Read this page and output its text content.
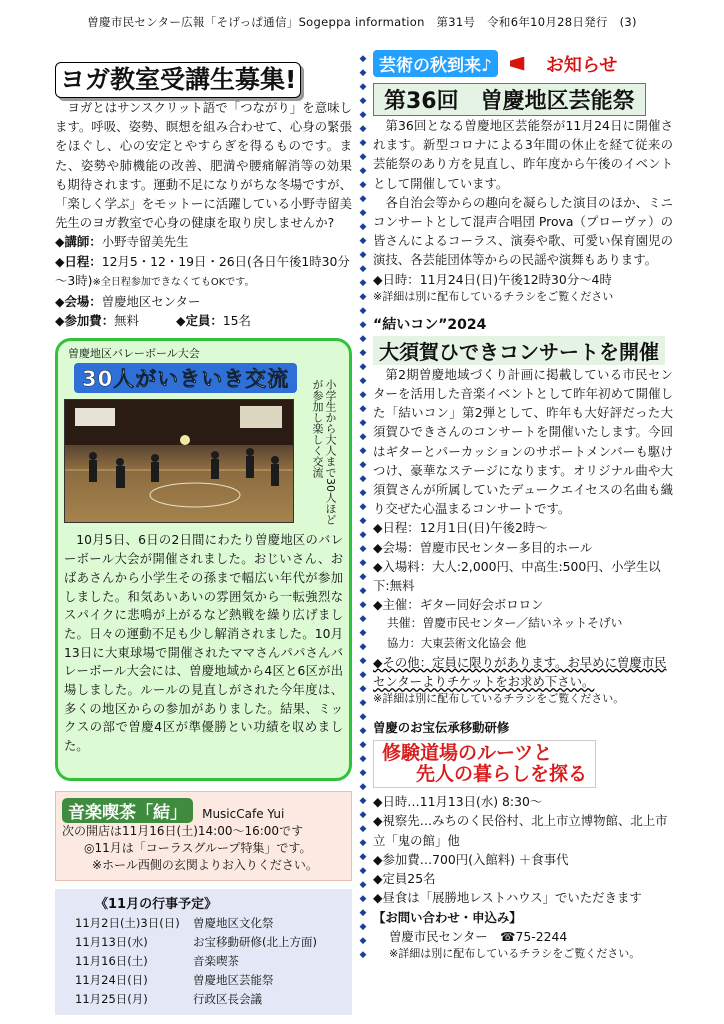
曽慶市民センター広報「そげっぱ通信」Sogeppa information　第31号　令和6年10月28日発行　(3)
◆
◆
◆
◆
◆
◆
◆
◆
◆
◆
◆
◆
◆
◆
◆
◆
◆
◆
◆
◆
◆
◆
◆
◆
◆
◆
◆
◆
◆
◆
◆
◆
◆
◆
◆
◆
◆
◆
◆
◆
◆
◆
◆
◆
◆
◆
◆
◆
◆
◆
◆
◆
◆
◆
◆
◆
◆
◆
◆
◆
◆
◆
◆
◆
◆
ヨガ教室受講生募集!

ヨガとはサンスクリット語で「つながり」を意味します。呼吸、姿勢、瞑想を組み合わせて、心身の緊張をほぐし、心の安定とやすらぎを得るものです。また、姿勢や肺機能の改善、肥満や腰痛解消等の効果も期待されます。運動不足になりがちな冬場ですが、「楽しく学ぶ」をモットーに活躍している小野寺留美先生のヨガ教室で心身の健康を取り戻しませんか?

◆講師：小野寺留美先生

◆日程：12月5・12・19日・26日(各日午後1時30分～3時)※全日程参加できなくてもOKです。

◆会場：曽慶地区センター

◆参加費：無料　　　	◆定員：15名

曽慶地区バレーボール大会

30人がいきいき交流	小学生から大人まで30人ほどが参加し楽しく交流

10月5日、6日の2日間にわたり曽慶地区のバレーボール大会が開催されました。おじいさん、おばあさんから小学生その孫まで幅広い年代が参加しました。和気あいあいの雰囲気から一転強烈なスパイクに悲鳴が上がるなど熱戦を繰り広げました。日々の運動不足も少し解消されました。10月13日に大東球場で開催されたママさんパパさんバレーボール大会には、曽慶地域から4区と6区が出場しました。ルールの見直しがされた今年度は、多くの地区からの参加がありました。結果、ミックスの部で曽慶4区が準優勝とい功績を収めました。

音楽喫茶「結」 MusicCafe Yui

次の開店は11月16日(土)14:00～16:00です

◎11月は「コーラスグループ特集」です。

※ホール西側の玄関よりお入りください。

《11月の行事予定》

11月2日(土)3日(日)	曽慶地区文化祭
11月13日(水)	お宝移動研修(北上方面)
11月16日(土)	音楽喫茶
11月24日(日)	曽慶地区芸能祭
11月25日(月)	行政区長会議
芸術の秋到来♪	お知らせ
第36回　曽慶地区芸能祭

第36回となる曽慶地区芸能祭が11月24日に開催されます。新型コロナによる3年間の休止を経て従来の芸能祭のあり方を見直し、昨年度から午後のイベントとして開催しています。

各自治会等からの趣向を凝らした演目のほか、ミニコンサートとして混声合唱団 Prova（プローヴァ）の皆さんによるコーラス、演奏や歌、可愛い保育園児の演技、各芸能団体等からの民謡や演舞もあります。

◆日時：11月24日(日)午後12時30分～4時

※詳細は別に配布しているチラシをご覧ください

“結いコン”2024
大須賀ひできコンサートを開催

第2期曽慶地域づくり計画に掲載している市民センターを活用した音楽イベントとして昨年初めて開催した「結いコン」第2弾として、昨年も大好評だった大須賀ひできさんのコンサートを開催いたします。今回はギターとパーカッションのサポートメンバーも駆けつけ、豪華なステージになります。オリジナル曲や大須賀さんが所属していたデュークエイセスの名曲も織り交ぜた心温まるコンサートです。

◆日程：12月1日(日)午後2時～

◆会場：曽慶市民センター多目的ホール

◆入場料：大人:2,000円、中高生:500円、小学生以下:無料

◆主催：ギター同好会ボロロン

共催：曽慶市民センター／結いネットそげい

協力：大東芸術文化協会 他

◆その他：定員に限りがあります。お早めに曽慶市民センターよりチケットをお求め下さい。

※詳細は別に配布しているチラシをご覧ください。

曽慶のお宝伝承移動研修
修験道場のルーツと
先人の暮らしを探る

◆日時…11月13日(水) 8:30～

◆視察先…みちのく民俗村、北上市立博物館、北上市立「鬼の館」他

◆参加費…700円(入館料) ＋食事代

◆定員25名

◆昼食は「展勝地レストハウス」でいただきます

【お問い合わせ・申込み】

曽慶市民センター　☎75-2244

※詳細は別に配布しているチラシをご覧ください。
